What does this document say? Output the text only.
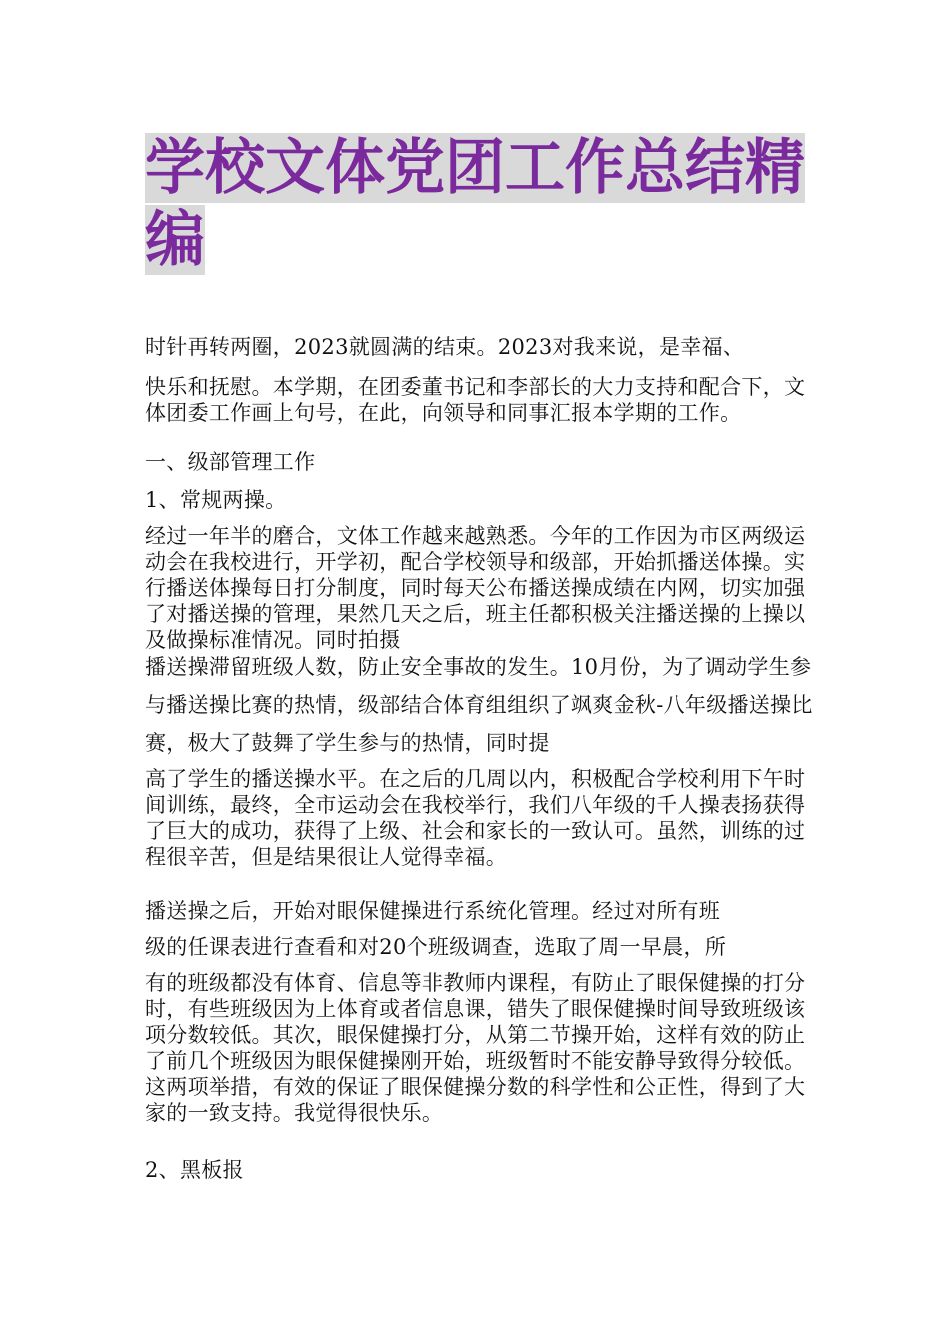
学校文体党团工作总结精编

时针再转两圈，2023就圆满的结束。2023对我来说，是幸福、

快乐和抚慰。本学期，在团委董书记和李部长的大力支持和配合下，文体团委工作画上句号，在此，向领导和同事汇报本学期的工作。

一、级部管理工作

1、常规两操。

经过一年半的磨合，文体工作越来越熟悉。今年的工作因为市区两级运动会在我校进行，开学初，配合学校领导和级部，开始抓播送体操。实行播送体操每日打分制度，同时每天公布播送操成绩在内网，切实加强了对播送操的管理，果然几天之后，班主任都积极关注播送操的上操以及做操标准情况。同时拍摄

播送操滞留班级人数，防止安全事故的发生。10月份，为了调动学生参与播送操比赛的热情，级部结合体育组组织了飒爽金秋-八年级播送操比赛，极大了鼓舞了学生参与的热情，同时提

高了学生的播送操水平。在之后的几周以内，积极配合学校利用下午时间训练，最终，全市运动会在我校举行，我们八年级的千人操表扬获得了巨大的成功，获得了上级、社会和家长的一致认可。虽然，训练的过程很辛苦，但是结果很让人觉得幸福。

播送操之后，开始对眼保健操进行系统化管理。经过对所有班

级的任课表进行查看和对20个班级调查，选取了周一早晨，所

有的班级都没有体育、信息等非教师内课程，有防止了眼保健操的打分时，有些班级因为上体育或者信息课，错失了眼保健操时间导致班级该项分数较低。其次，眼保健操打分，从第二节操开始，这样有效的防止了前几个班级因为眼保健操刚开始，班级暂时不能安静导致得分较低。这两项举措，有效的保证了眼保健操分数的科学性和公正性，得到了大家的一致支持。我觉得很快乐。

2、黑板报
